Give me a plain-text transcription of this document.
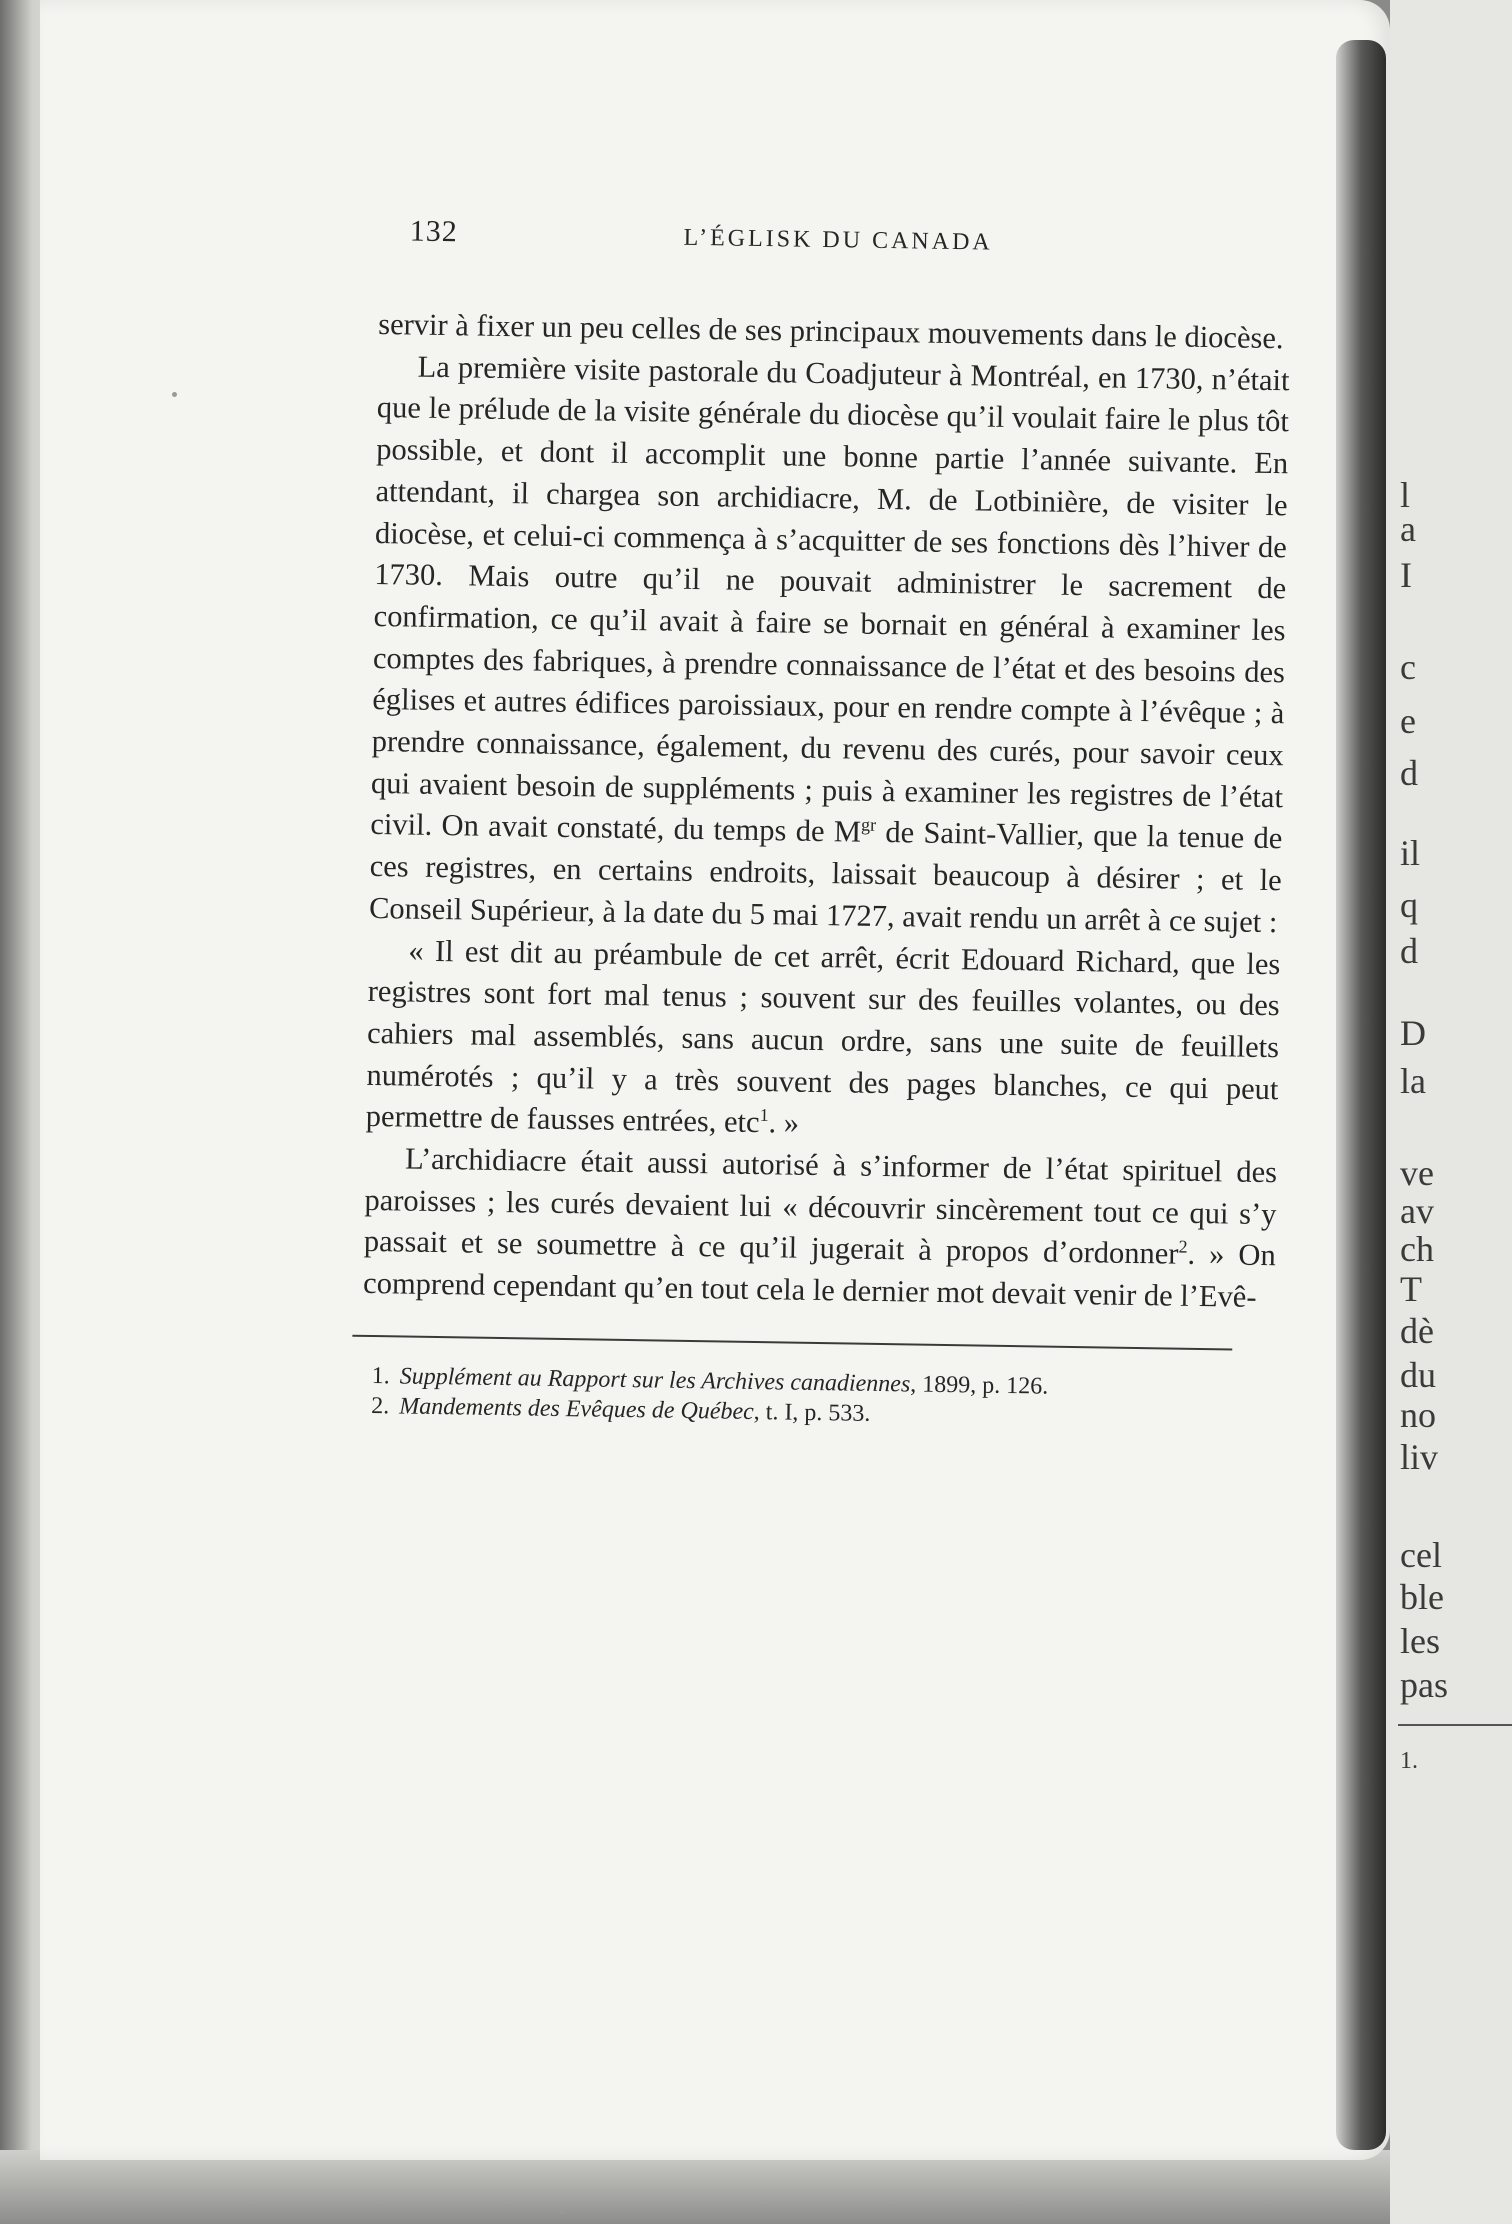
132	L’ÉGLISK DU CANADA

servir à fixer un peu celles de ses principaux mouvements dans le diocèse.

La première visite pastorale du Coadjuteur à Montréal, en 1730, n’était que le prélude de la visite générale du diocèse qu’il voulait faire le plus tôt possible, et dont il accomplit une bonne partie l’année suivante. En attendant, il chargea son archidiacre, M. de Lotbinière, de visiter le diocèse, et celui-ci commença à s’acquitter de ses fonctions dès l’hiver de 1730. Mais outre qu’il ne pouvait administrer le sacrement de confirmation, ce qu’il avait à faire se bornait en général à examiner les comptes des fabriques, à prendre connaissance de l’état et des besoins des églises et autres édifices paroissiaux, pour en rendre compte à l’évêque ; à prendre connaissance, également, du revenu des curés, pour savoir ceux qui avaient besoin de suppléments ; puis à examiner les registres de l’état civil. On avait constaté, du temps de $M^{gr}$ de Saint-Vallier, que la tenue de ces registres, en certains endroits, laissait beaucoup à désirer ; et le Conseil Supérieur, à la date du 5 mai 1727, avait rendu un arrêt à ce sujet :

« Il est dit au préambule de cet arrêt, écrit Edouard Richard, que les registres sont fort mal tenus ; souvent sur des feuilles volantes, ou des cahiers mal assemblés, sans aucun ordre, sans une suite de feuillets numérotés ; qu’il y a très souvent des pages blanches, ce qui peut permettre de fausses entrées, etc$^1$. »

L’archidiacre était aussi autorisé à s’informer de l’état spirituel des paroisses ; les curés devaient lui « découvrir sincèrement tout ce qui s’y passait et se soumettre à ce qu’il jugerait à propos d’ordonner$^2$. » On comprend cependant qu’en tout cela le dernier mot devait venir de l’Evê-

1. Supplément au Rapport sur les Archives canadiennes, 1899, p. 126.
2. Mandements des Evêques de Québec, t. I, p. 533.
l
a
I
c
e
d
il
q
d
D
la
ve
av
ch
T
dè
du
no
liv
cel
ble
les
pas
1.
